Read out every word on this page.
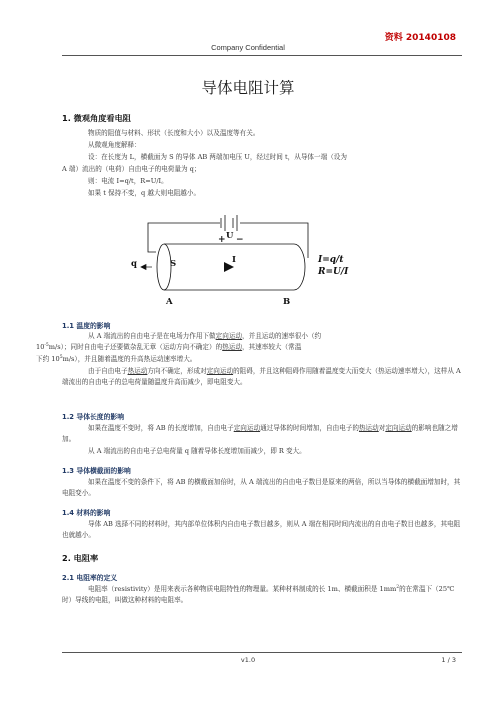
资料 20140108
Company Confidential
导体电阻计算
1. 微观角度看电阻
物质的阻值与材料、形状（长度和大小）以及温度等有关。
从微观角度解释：
设：在长度为 L，横截面为 S 的导体 AB 两端加电压 U，经过时间 t，从导体一端（设为
A 端）流出的（电荷）自由电子的电荷量为 q；
则：电流 I=q/t，R=U/I。
如果 t 保持不变，q 越大则电阻越小。
+ U −
q	S	I
A	B
I=q/t
R=U/I
1.1 温度的影响

从 A 端流出的自由电子是在电场力作用下做定向运动，并且运动的速率很小（约
$10^{-5}m/s$）；同时自由电子还要做杂乱无章（运动方向不确定）的热运动，其速率较大（常温
下约 $10^5m/s$），并且随着温度的升高热运动速率增大。

由于自由电子热运动方向不确定，形成对定向运动的阻碍，并且这种阻碍作用随着温度变大而变大（热运动速率增大），这样从 A 端流出的自由电子的总电荷量随温度升高而减少，即电阻变大。

1.2 导体长度的影响

如果在温度不变时，将 AB 的长度增加，自由电子定向运动通过导体的时间增加，自由电子的热运动对定向运动的影响也随之增加。

从 A 端流出的自由电子总电荷量 q 随着导体长度增加而减少，即 R 变大。

1.3 导体横截面的影响

如果在温度不变的条件下，将 AB 的横截面加倍时，从 A 端流出的自由电子数目是原来的两倍，所以当导体的横截面增加时，其电阻变小。

1.4 材料的影响

导体 AB 选择不同的材料时，其内部单位体积内自由电子数目越多，则从 A 端在相同时间内流出的自由电子数目也越多，其电阻也就越小。

2. 电阻率
2.1 电阻率的定义

电阻率（resistivity）是用来表示各种物质电阻特性的物理量。某种材料制成的长 1m、横截面积是 $1mm^2$的在常温下（25℃时）导线的电阻，叫做这种材料的电阻率。

v1.0	1 / 3
